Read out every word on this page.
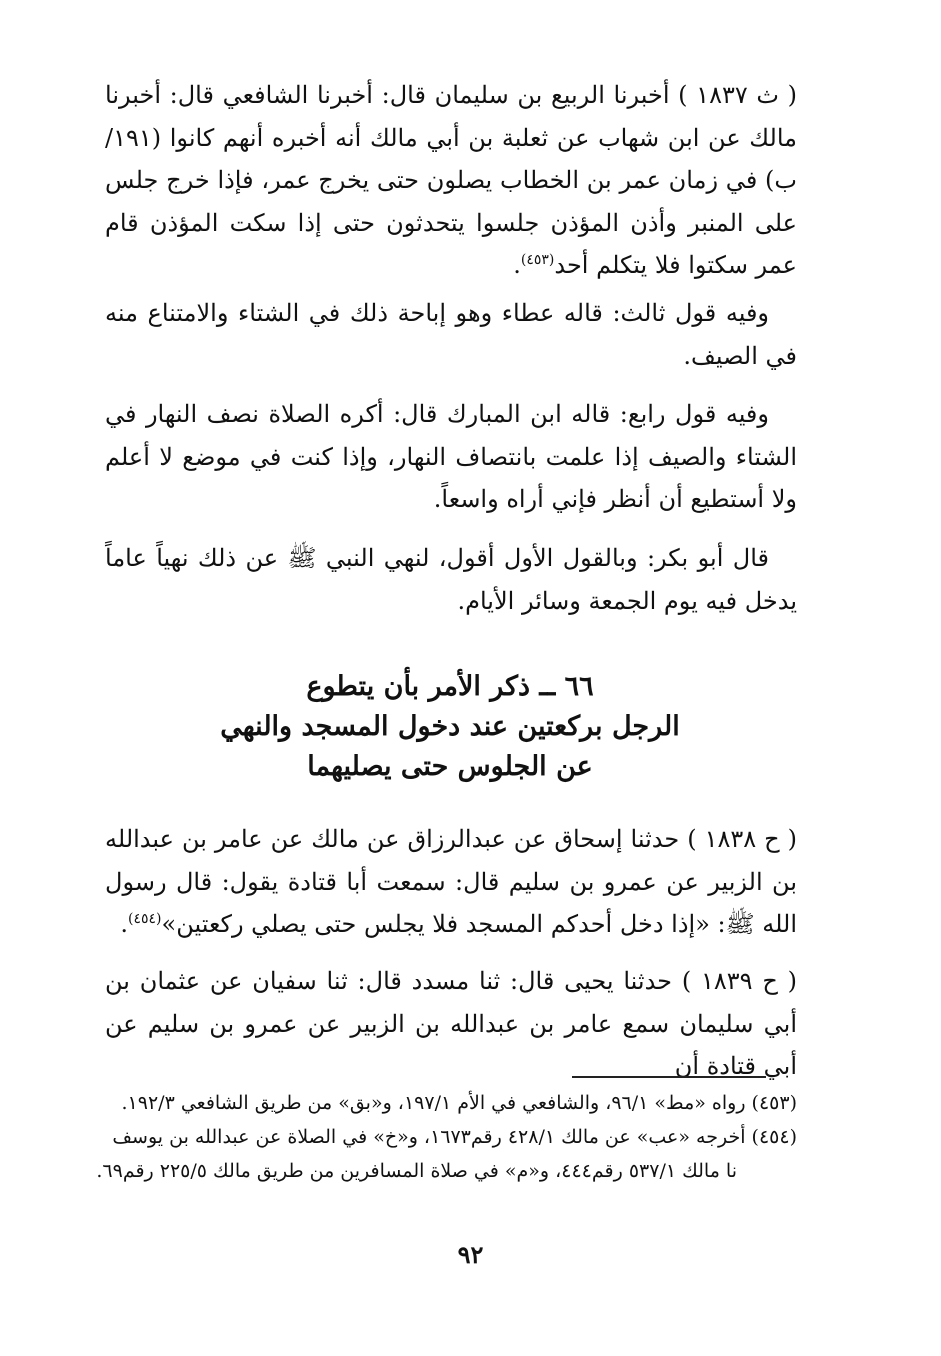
( ث ١٨٣٧ ) أخبرنا الربيع بن سليمان قال: أخبرنا الشافعي قال: أخبرنا مالك عن ابن شهاب عن ثعلبة بن أبي مالك أنه أخبره أنهم كانوا (١٩١/ب) في زمان عمر بن الخطاب يصلون حتى يخرج عمر، فإذا خرج جلس على المنبر وأذن المؤذن جلسوا يتحدثون حتى إذا سكت المؤذن قام عمر سكتوا فلا يتكلم أحد$^{(٤٥٣)}$.
وفيه قول ثالث: قاله عطاء وهو إباحة ذلك في الشتاء والامتناع منه في الصيف.
وفيه قول رابع: قاله ابن المبارك قال: أكره الصلاة نصف النهار في الشتاء والصيف إذا علمت بانتصاف النهار، وإذا كنت في موضع لا أعلم ولا أستطيع أن أنظر فإني أراه واسعاً.
قال أبو بكر: وبالقول الأول أقول، لنهي النبي ﷺ عن ذلك نهياً عاماً يدخل فيه يوم الجمعة وسائر الأيام.
٦٦ ــ ذكر الأمر بأن يتطوع
الرجل بركعتين عند دخول المسجد والنهي
عن الجلوس حتى يصليهما
( ح ١٨٣٨ ) حدثنا إسحاق عن عبدالرزاق عن مالك عن عامر بن عبدالله بن الزبير عن عمرو بن سليم قال: سمعت أبا قتادة يقول: قال رسول الله ﷺ: «إذا دخل أحدكم المسجد فلا يجلس حتى يصلي ركعتين»$^{(٤٥٤)}$.
( ح ١٨٣٩ ) حدثنا يحيى قال: ثنا مسدد قال: ثنا سفيان عن عثمان بن أبي سليمان سمع عامر بن عبدالله بن الزبير عن عمرو بن سليم عن أبي قتادة أن
(٤٥٣) رواه «مط» ٩٦/١، والشافعي في الأم ١٩٧/١، و«بق» من طريق الشافعي ١٩٢/٣.
(٤٥٤) أخرجه «عب» عن مالك ٤٢٨/١ رقم١٦٧٣، و«خ» في الصلاة عن عبدالله بن يوسف
نا مالك ٥٣٧/١ رقم٤٤٤، و«م» في صلاة المسافرين من طريق مالك ٢٢٥/٥ رقم٦٩.
٩٢
